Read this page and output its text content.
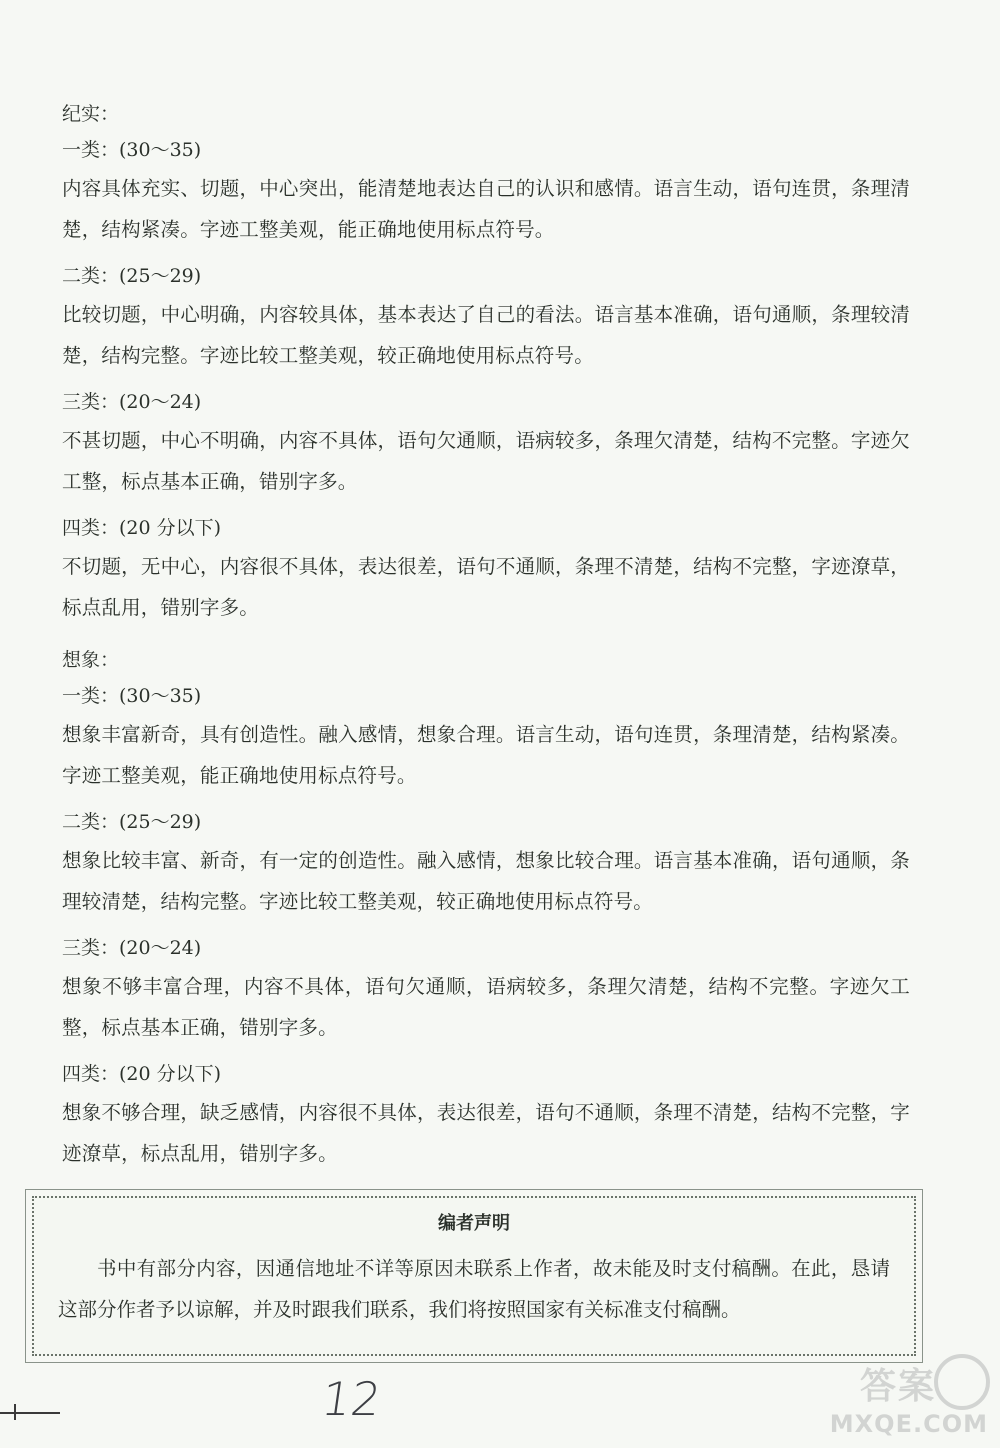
纪实：
一类：(30～35)

内容具体充实、切题，中心突出，能清楚地表达自己的认识和感情。语言生动，语句连贯，条理清楚，结构紧凑。字迹工整美观，能正确地使用标点符号。

二类：(25～29)

比较切题，中心明确，内容较具体，基本表达了自己的看法。语言基本准确，语句通顺，条理较清楚，结构完整。字迹比较工整美观，较正确地使用标点符号。

三类：(20～24)

不甚切题，中心不明确，内容不具体，语句欠通顺，语病较多，条理欠清楚，结构不完整。字迹欠工整，标点基本正确，错别字多。

四类：(20 分以下)

不切题，无中心，内容很不具体，表达很差，语句不通顺，条理不清楚，结构不完整，字迹潦草，标点乱用，错别字多。

想象：
一类：(30～35)

想象丰富新奇，具有创造性。融入感情，想象合理。语言生动，语句连贯，条理清楚，结构紧凑。字迹工整美观，能正确地使用标点符号。

二类：(25～29)

想象比较丰富、新奇，有一定的创造性。融入感情，想象比较合理。语言基本准确，语句通顺，条理较清楚，结构完整。字迹比较工整美观，较正确地使用标点符号。

三类：(20～24)

想象不够丰富合理，内容不具体，语句欠通顺，语病较多，条理欠清楚，结构不完整。字迹欠工整，标点基本正确，错别字多。

四类：(20 分以下)

想象不够合理，缺乏感情，内容很不具体，表达很差，语句不通顺，条理不清楚，结构不完整，字迹潦草，标点乱用，错别字多。

编者声明

书中有部分内容，因通信地址不详等原因未联系上作者，故未能及时支付稿酬。在此，恳请这部分作者予以谅解，并及时跟我们联系，我们将按照国家有关标准支付稿酬。

12	答案
MXQE.COM
